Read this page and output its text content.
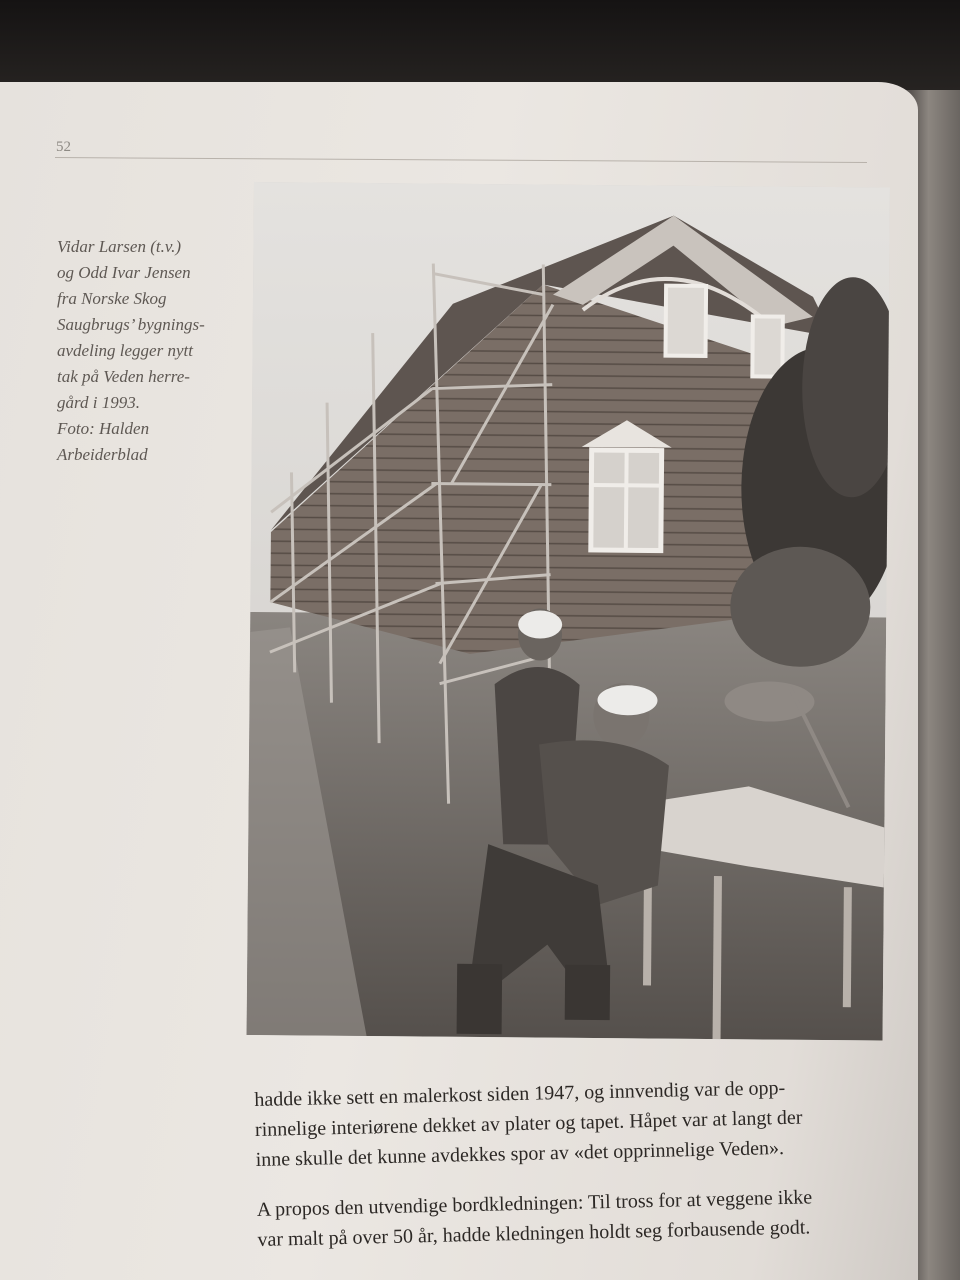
52
Vidar Larsen (t.v.)
og Odd Ivar Jensen
fra Norske Skog
Saugbrugs’ bygnings-
avdeling legger nytt
tak på Veden herre-
gård i 1993.
Foto: Halden
Arbeiderblad
hadde ikke sett en malerkost siden 1947, og innvendig var de opp-
rinnelige interiørene dekket av plater og tapet. Håpet var at langt der
inne skulle det kunne avdekkes spor av «det opprinnelige Veden».
A propos den utvendige bordkledningen: Til tross for at veggene ikke
var malt på over 50 år, hadde kledningen holdt seg forbausende godt.
